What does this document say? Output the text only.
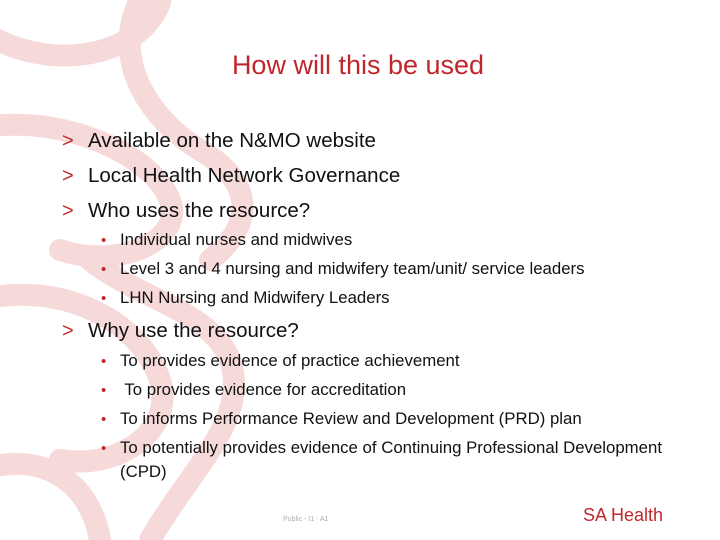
How will this be used
> Available on the N&MO website
> Local Health Network Governance
> Who uses the resource?
• Individual nurses and midwives
• Level 3 and 4 nursing and midwifery team/unit/ service leaders
• LHN Nursing and Midwifery Leaders
> Why use the resource?
• To provides evidence of practice achievement
• To provides evidence for accreditation
• To informs Performance Review and Development (PRD) plan
• To potentially provides evidence of Continuing Professional Development (CPD)
Public - I1 - A1	SA Health
